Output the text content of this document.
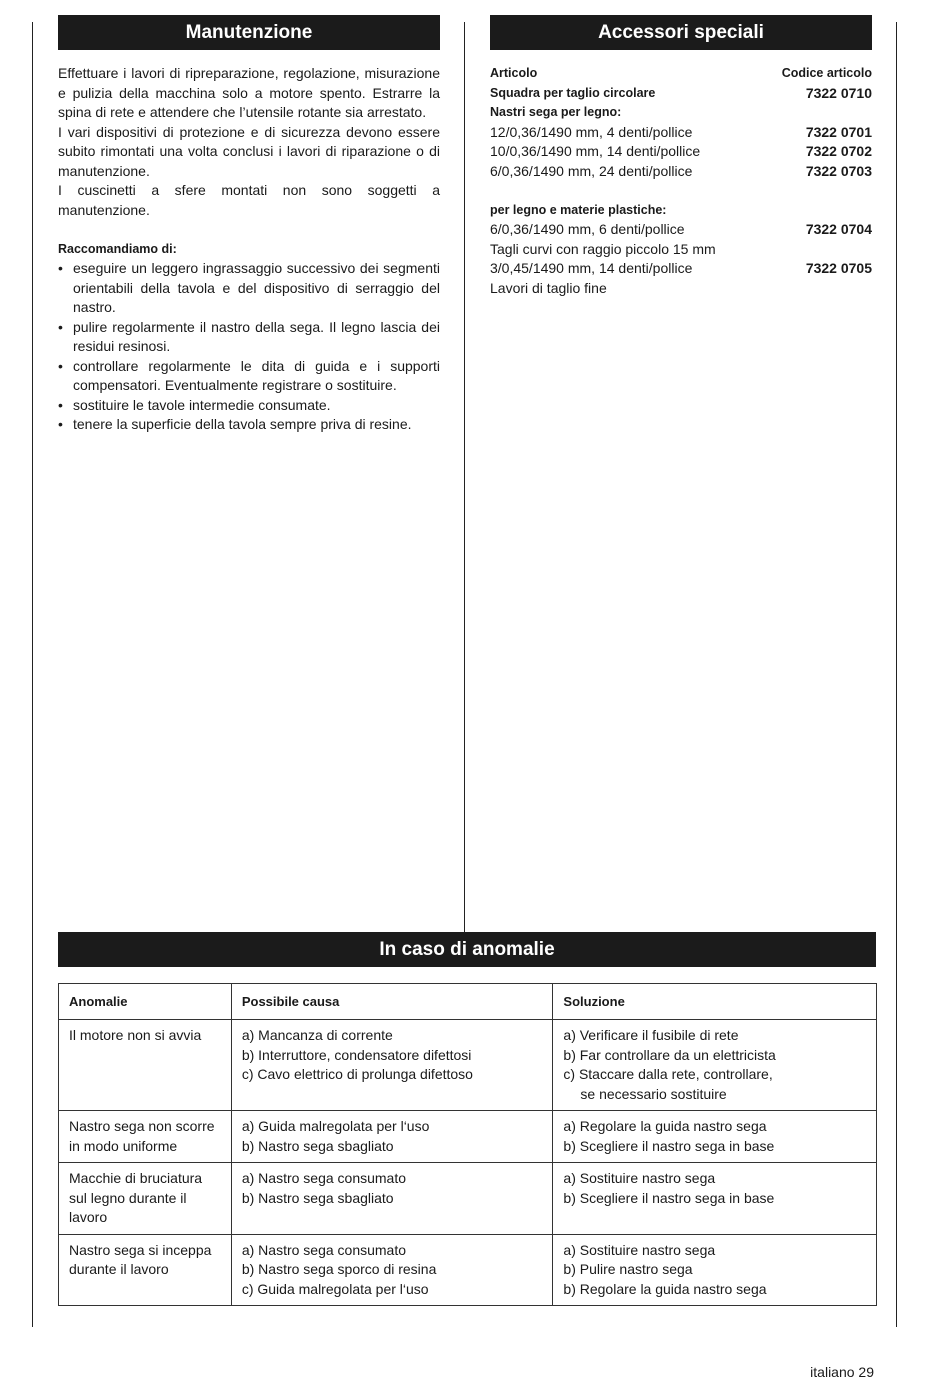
Manutenzione	Accessori speciali

Effettuare i lavori di ripreparazione, regolazione, misurazione e pulizia della macchina solo a motore spento. Estrarre la spina di rete e attendere che l’utensile rotante sia arrestato.

I vari dispositivi di protezione e di sicurezza devono essere subito rimontati una volta conclusi i lavori di riparazione o di manutenzione.

I cuscinetti a sfere montati non sono soggetti a manutenzione.

Raccomandiamo di:

• eseguire un leggero ingrassaggio successivo dei segmenti orientabili della tavola e del dispositivo di serraggio del nastro.
• pulire regolarmente il nastro della sega. Il legno lascia dei residui resinosi.
• controllare regolarmente le dita di guida e i supporti compensatori. Eventualmente registrare o sostituire.
• sostituire le tavole intermedie consumate.
• tenere la superficie della tavola sempre priva di resine.
Articolo	Codice articolo
Squadra per taglio circolare	7322 0710
Nastri sega per legno:
12/0,36/1490 mm, 4 denti/pollice	7322 0701
10/0,36/1490 mm, 14 denti/pollice	7322 0702
6/0,36/1490 mm, 24 denti/pollice	7322 0703
per legno e materie plastiche:
6/0,36/1490 mm, 6 denti/pollice	7322 0704
Tagli curvi con raggio piccolo 15 mm
3/0,45/1490 mm, 14 denti/pollice	7322 0705
Lavori di taglio fine
In caso di anomalie
Anomalie	Possibile causa	Soluzione
Il motore non si avvia	a) Mancanza di corrente
b) Interruttore, condensatore difettosi
c) Cavo elettrico di prolunga difettoso	a) Verificare il fusibile di rete
b) Far controllare da un elettricista
c) Staccare dalla rete, controllare,
se necessario sostituire

Nastro sega non scorre in modo uniforme	a) Guida malregolata per l‘uso
b) Nastro sega sbagliato	a) Regolare la guida nastro sega
b) Scegliere il nastro sega in base
Macchie di bruciatura sul legno durante il lavoro	a) Nastro sega consumato
b) Nastro sega sbagliato	a) Sostituire nastro sega
b) Scegliere il nastro sega in base
Nastro sega si inceppa durante il lavoro	a) Nastro sega consumato
b) Nastro sega sporco di resina
c) Guida malregolata per l‘uso	a) Sostituire nastro sega
b) Pulire nastro sega
b) Regolare la guida nastro sega
italiano 29
